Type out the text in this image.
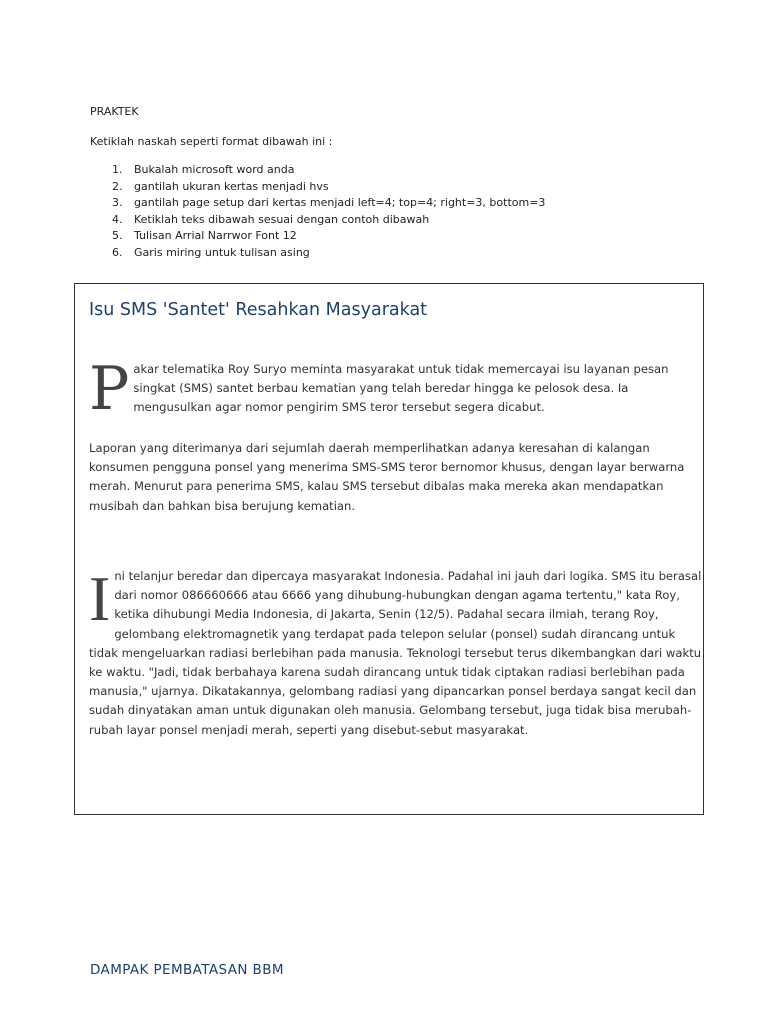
PRAKTEK

Ketiklah naskah seperti format dibawah ini :

1.	Bukalah microsoft word anda
2.	gantilah ukuran kertas menjadi hvs
3.	gantilah page setup dari kertas menjadi left=4; top=4; right=3, bottom=3
4.	Ketiklah teks dibawah sesuai dengan contoh dibawah
5.	Tulisan Arrial Narrwor Font 12
6.	Garis miring untuk tulisan asing
Isu SMS 'Santet' Resahkan Masyarakat

Pakar telematika Roy Suryo meminta masyarakat untuk tidak memercayai isu layanan pesan singkat (SMS) santet berbau kematian yang telah beredar hingga ke pelosok desa. Ia mengusulkan agar nomor pengirim SMS teror tersebut segera dicabut.

Laporan yang diterimanya dari sejumlah daerah memperlihatkan adanya keresahan di kalangan konsumen pengguna ponsel yang menerima SMS-SMS teror bernomor khusus, dengan layar berwarna merah. Menurut para penerima SMS, kalau SMS tersebut dibalas maka mereka akan mendapatkan musibah dan bahkan bisa berujung kematian.

Ini telanjur beredar dan dipercaya masyarakat Indonesia. Padahal ini jauh dari logika. SMS itu berasal dari nomor 086660666 atau 6666 yang dihubung-hubungkan dengan agama tertentu," kata Roy, ketika dihubungi Media Indonesia, di Jakarta, Senin (12/5). Padahal secara ilmiah, terang Roy, gelombang elektromagnetik yang terdapat pada telepon selular (ponsel) sudah dirancang untuk tidak mengeluarkan radiasi berlebihan pada manusia. Teknologi tersebut terus dikembangkan dari waktu ke waktu. "Jadi, tidak berbahaya karena sudah dirancang untuk tidak ciptakan radiasi berlebihan pada manusia," ujarnya. Dikatakannya, gelombang radiasi yang dipancarkan ponsel berdaya sangat kecil dan sudah dinyatakan aman untuk digunakan oleh manusia. Gelombang tersebut, juga tidak bisa merubah-rubah layar ponsel menjadi merah, seperti yang disebut-sebut masyarakat.

DAMPAK PEMBATASAN BBM
